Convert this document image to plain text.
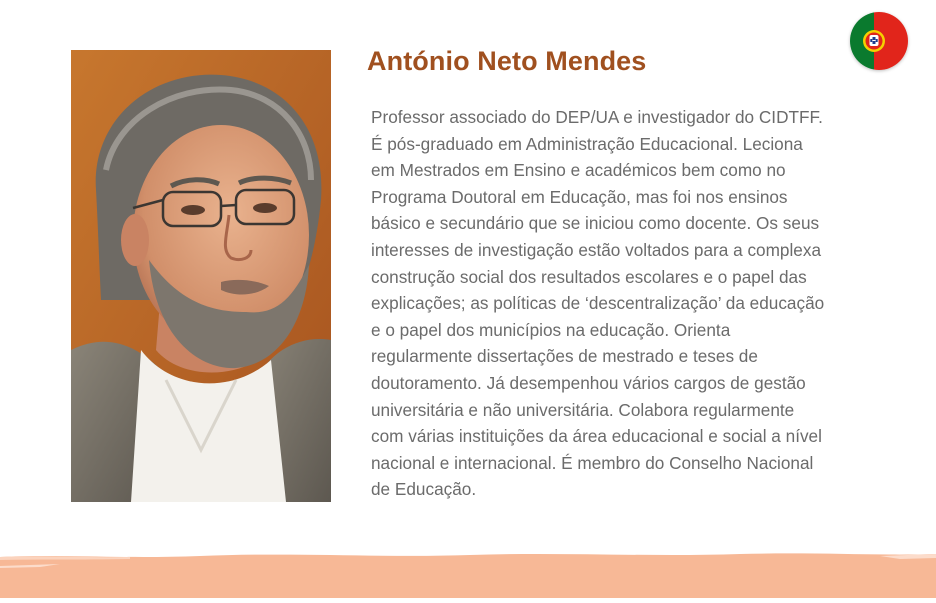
António Neto Mendes

Professor associado do DEP/UA e investigador do CIDTFF.
É pós-graduado em Administração Educacional. Leciona
em Mestrados em Ensino e académicos bem como no
Programa Doutoral em Educação, mas foi nos ensinos
básico e secundário que se iniciou como docente. Os seus
interesses de investigação estão voltados para a complexa
construção social dos resultados escolares e o papel das
explicações; as políticas de ‘descentralização’ da educação
e o papel dos municípios na educação. Orienta
regularmente dissertações de mestrado e teses de
doutoramento. Já desempenhou vários cargos de gestão
universitária e não universitária. Colabora regularmente
com várias instituições da área educacional e social a nível
nacional e internacional. É membro do Conselho Nacional
de Educação.
